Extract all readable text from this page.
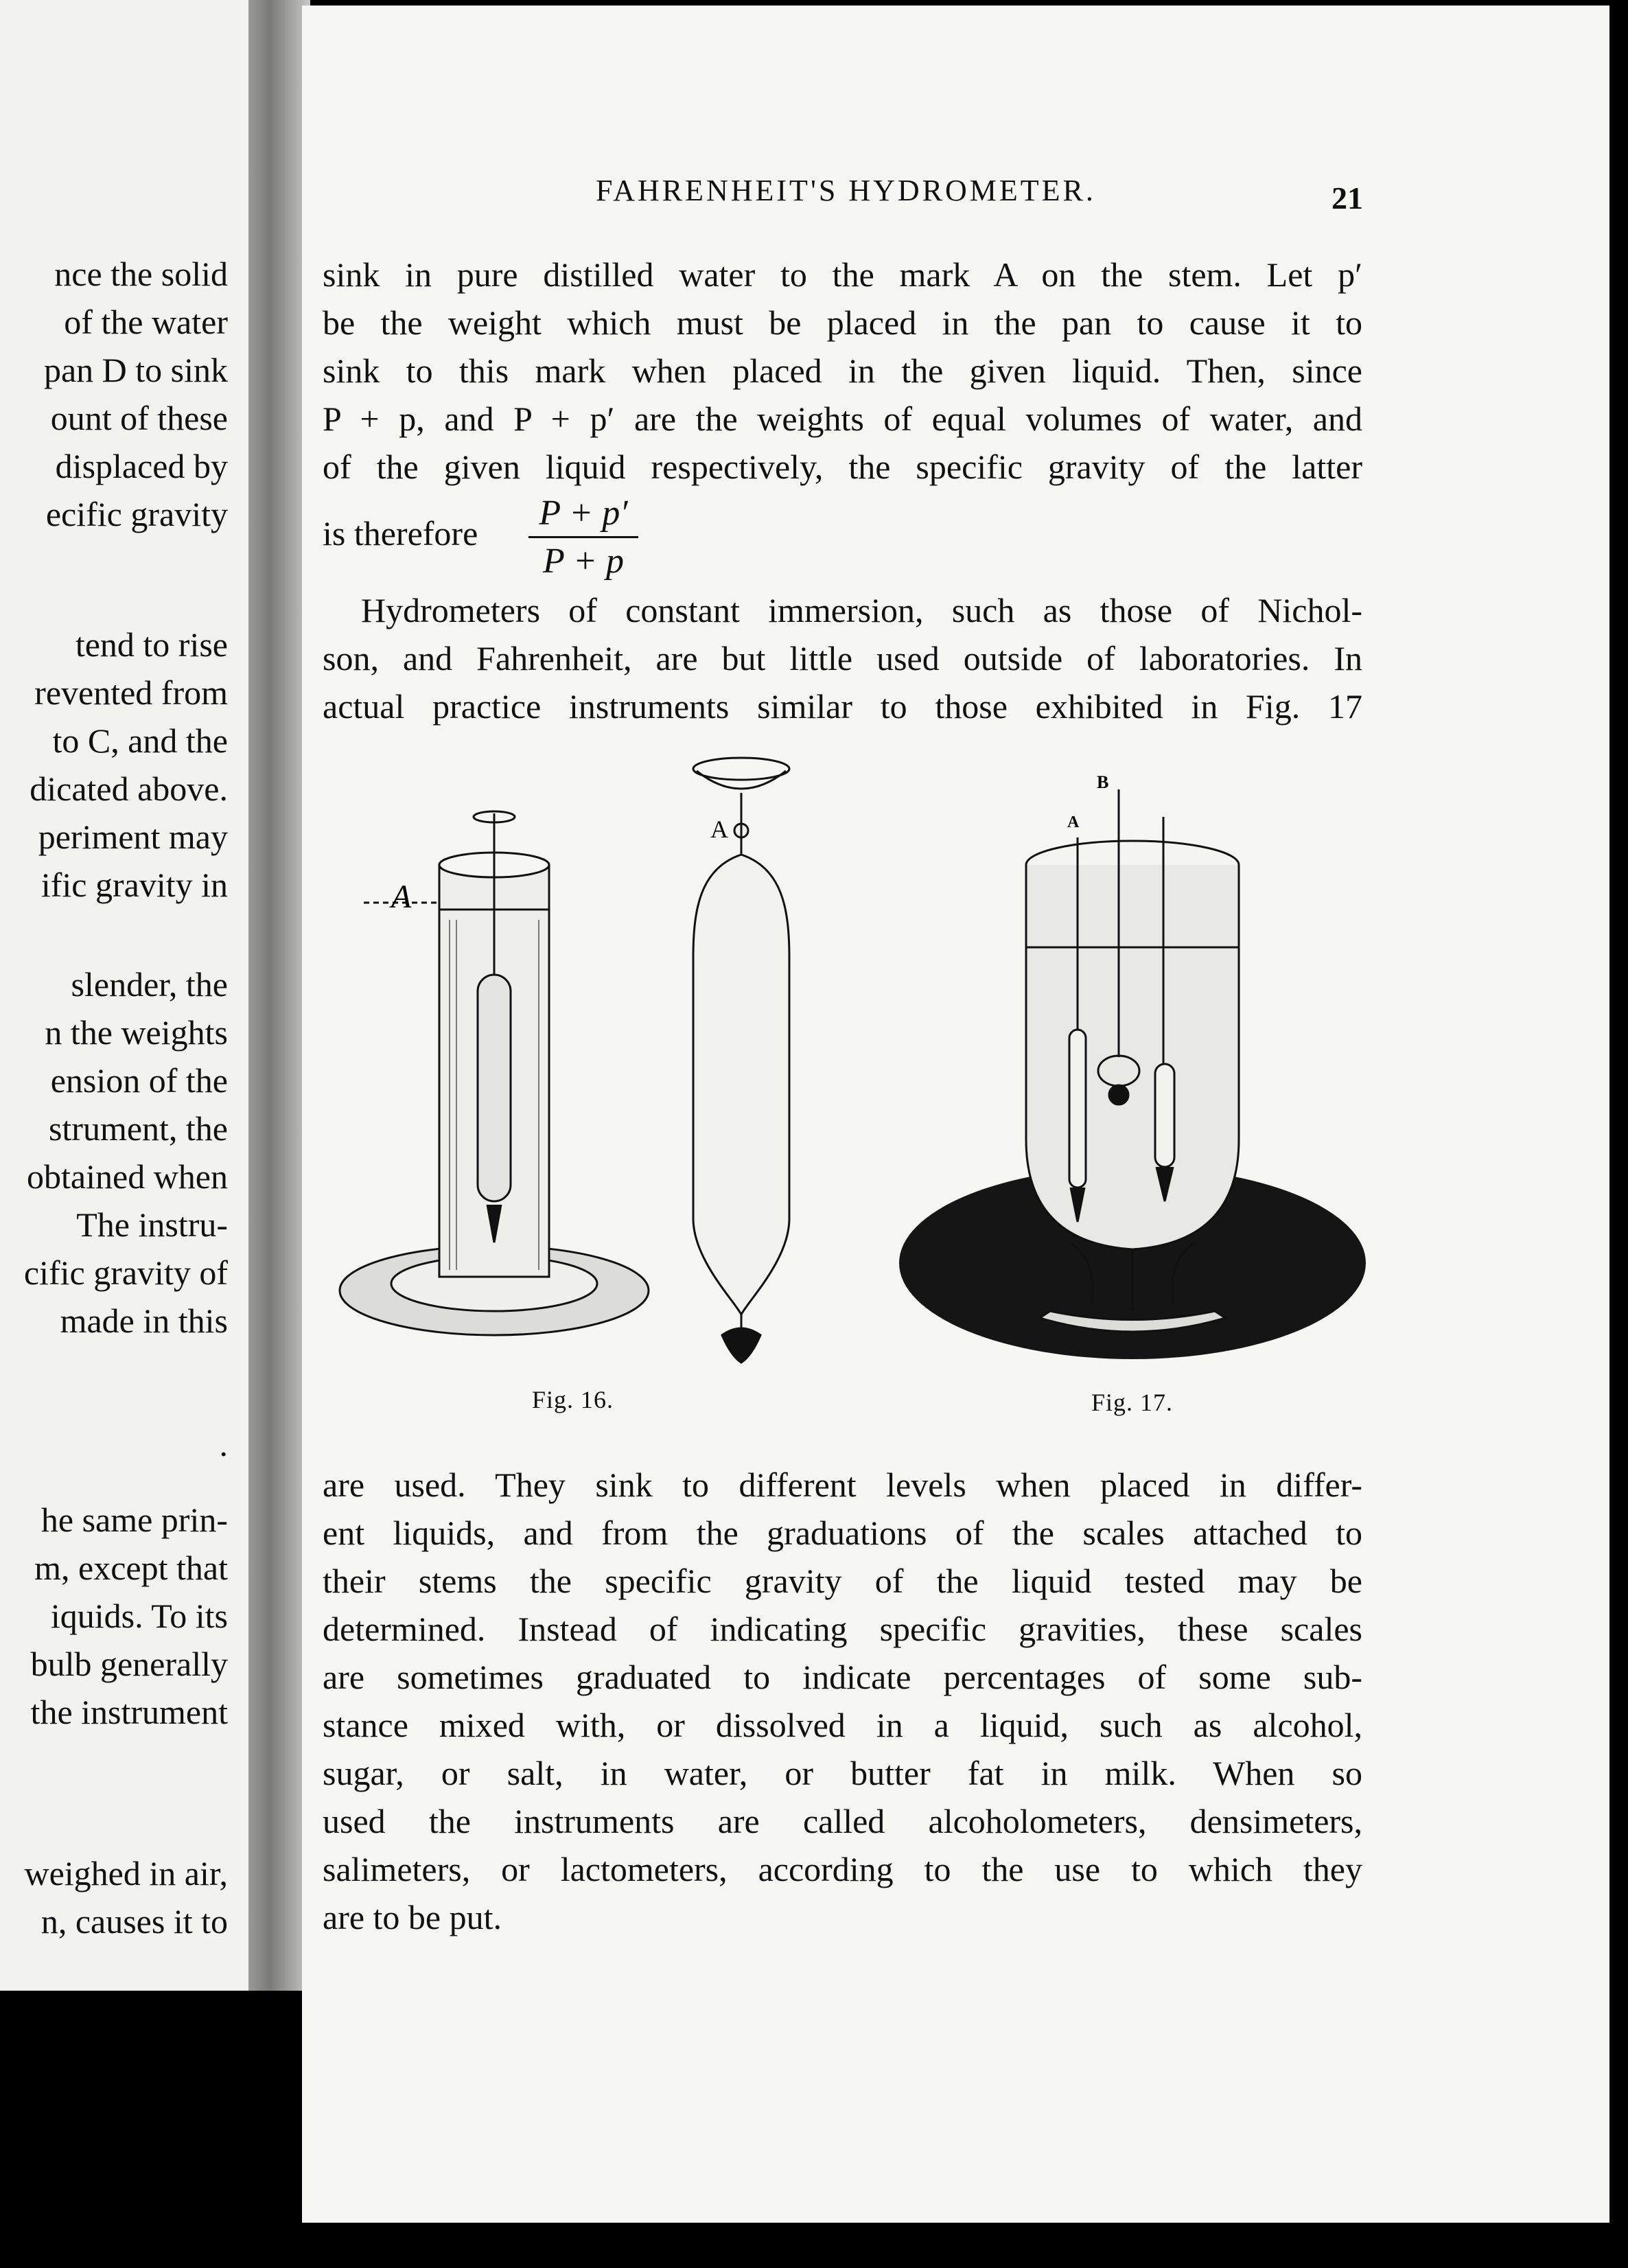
nce the solid
of the water
pan D to sink
ount of these
displaced by
ecific gravity
tend to rise
revented from
to C, and the
dicated above.
periment may
ific gravity in
slender, the
n the weights
ension of the
strument, the
obtained when
The instru-
cific gravity of
made in this
.
he same prin-
m, except that
iquids. To its
bulb generally
the instrument
weighed in air,
n, causes it to
FAHRENHEIT'S HYDROMETER.	21
sink in pure distilled water to the mark A on the stem. Let p′
be the weight which must be placed in the pan to cause it to
sink to this mark when placed in the given liquid. Then, since
P + p, and P + p′ are the weights of equal volumes of water, and
of the given liquid respectively, the specific gravity of the latter
is therefore
P + p′
P + p
Hydrometers of constant immersion, such as those of Nichol-
son, and Fahrenheit, are but little used outside of laboratories. In
actual practice instruments similar to those exhibited in Fig. 17
A
A	A
B
Fig. 16.	Fig. 17.
are used. They sink to different levels when placed in differ-
ent liquids, and from the graduations of the scales attached to
their stems the specific gravity of the liquid tested may be
determined. Instead of indicating specific gravities, these scales
are sometimes graduated to indicate percentages of some sub-
stance mixed with, or dissolved in a liquid, such as alcohol,
sugar, or salt, in water, or butter fat in milk. When so
used the instruments are called alcoholometers, densimeters,
salimeters, or lactometers, according to the use to which they
are to be put.
